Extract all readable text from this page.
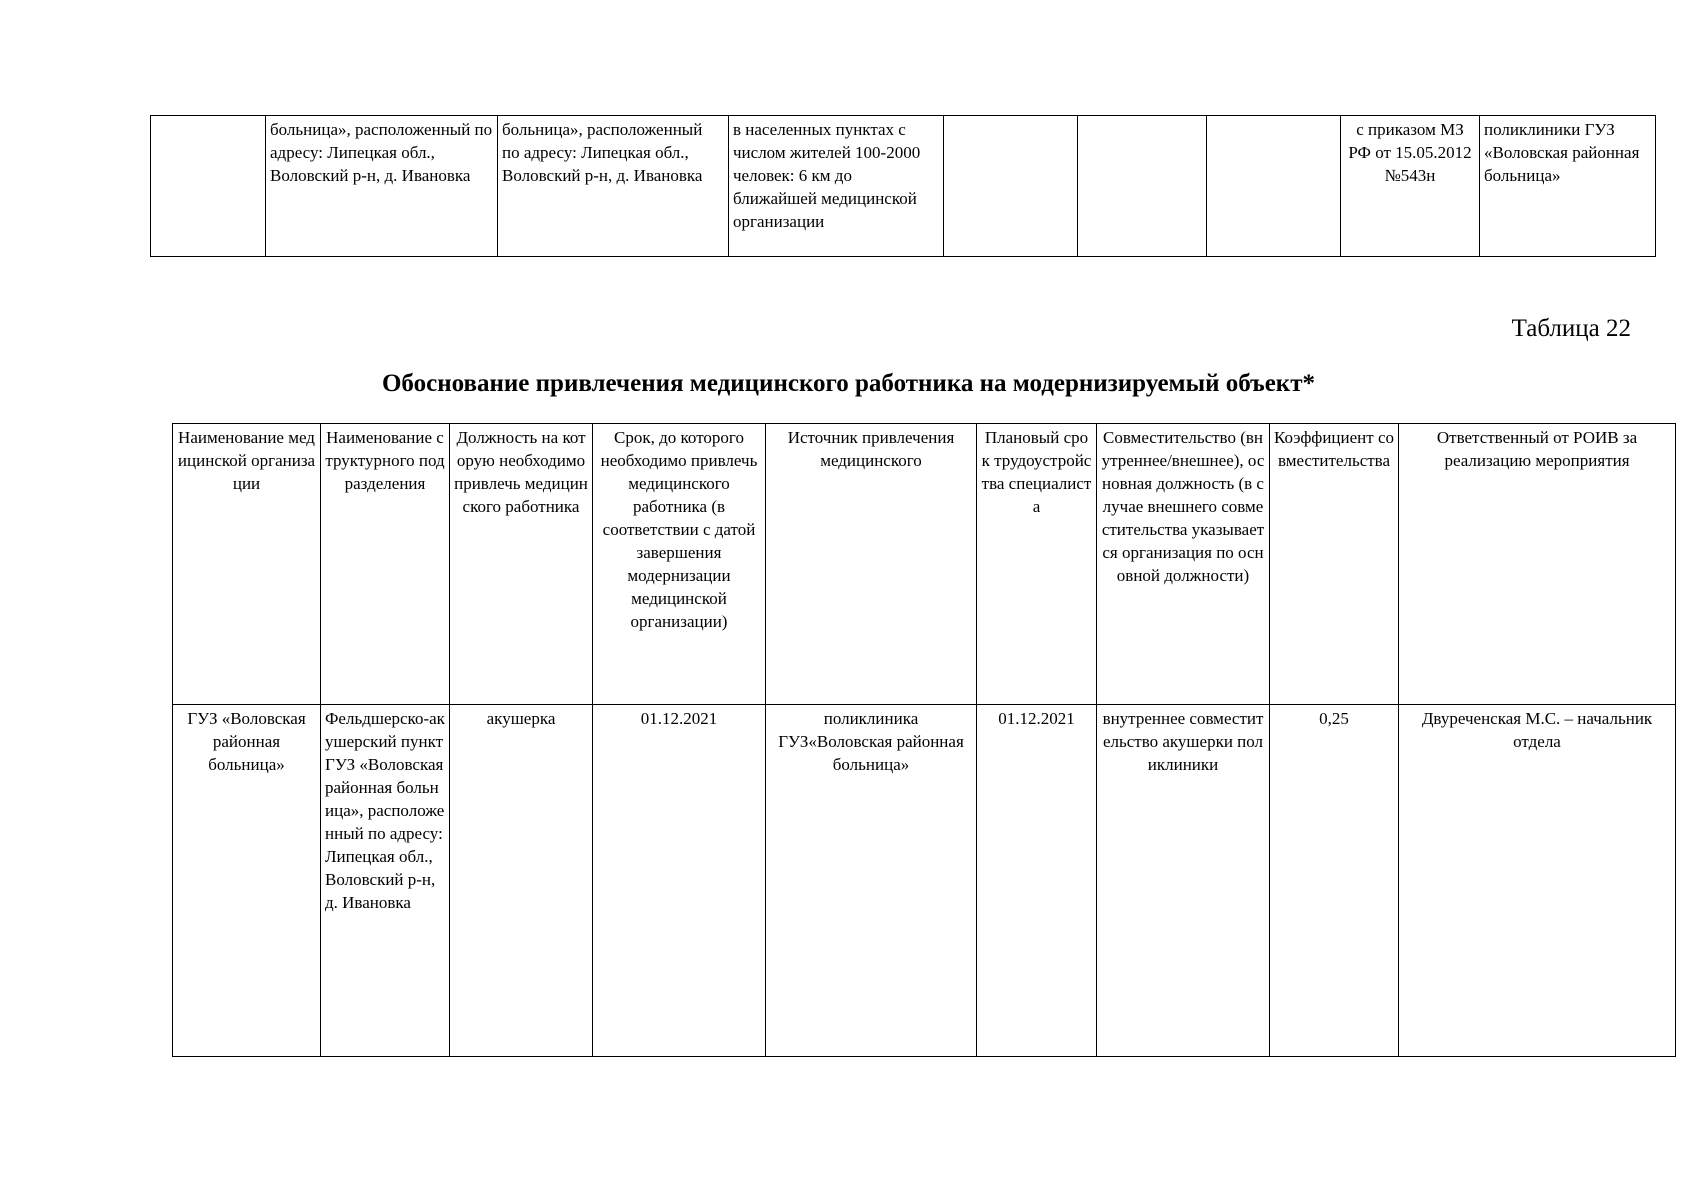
	больница», расположенный по адресу: Липецкая обл., Воловский р-н, д. Ивановка	больница», расположенный по адресу: Липецкая обл., Воловский р-н, д. Ивановка	в населенных пунктах с числом жителей 100-2000 человек: 6 км до ближайшей медицинской организации				с приказом МЗ РФ от 15.05.2012 №543н	поликлиники ГУЗ «Воловская районная больница»
Таблица 22
Обоснование привлечения медицинского работника на модернизируемый объект*
Наименование медицинской организации	Наименование структурного подразделения	Должность на которую необходимо привлечь медицинского работника	Срок, до которого необходимо привлечь медицинского работника (в соответствии с датой завершения модернизации медицинской организации)	Источник привлечения медицинского	Плановый срок трудоустройства специалиста	Совместительство (внутреннее/внешнее), основная должность (в случае внешнего совместительства указывается организация по основной должности)	Коэффициент совместительства	Ответственный от РОИВ за реализацию мероприятия
ГУЗ «Воловская районная больница»	Фельдшерско-акушерский пункт ГУЗ «Воловская районная больница», расположенный по адресу: Липецкая обл., Воловский р-н, д. Ивановка	акушерка	01.12.2021	поликлиника ГУЗ«Воловская районная больница»	01.12.2021	внутреннее совместительство акушерки поликлиники	0,25	Двуреченская М.С. – начальник отдела
